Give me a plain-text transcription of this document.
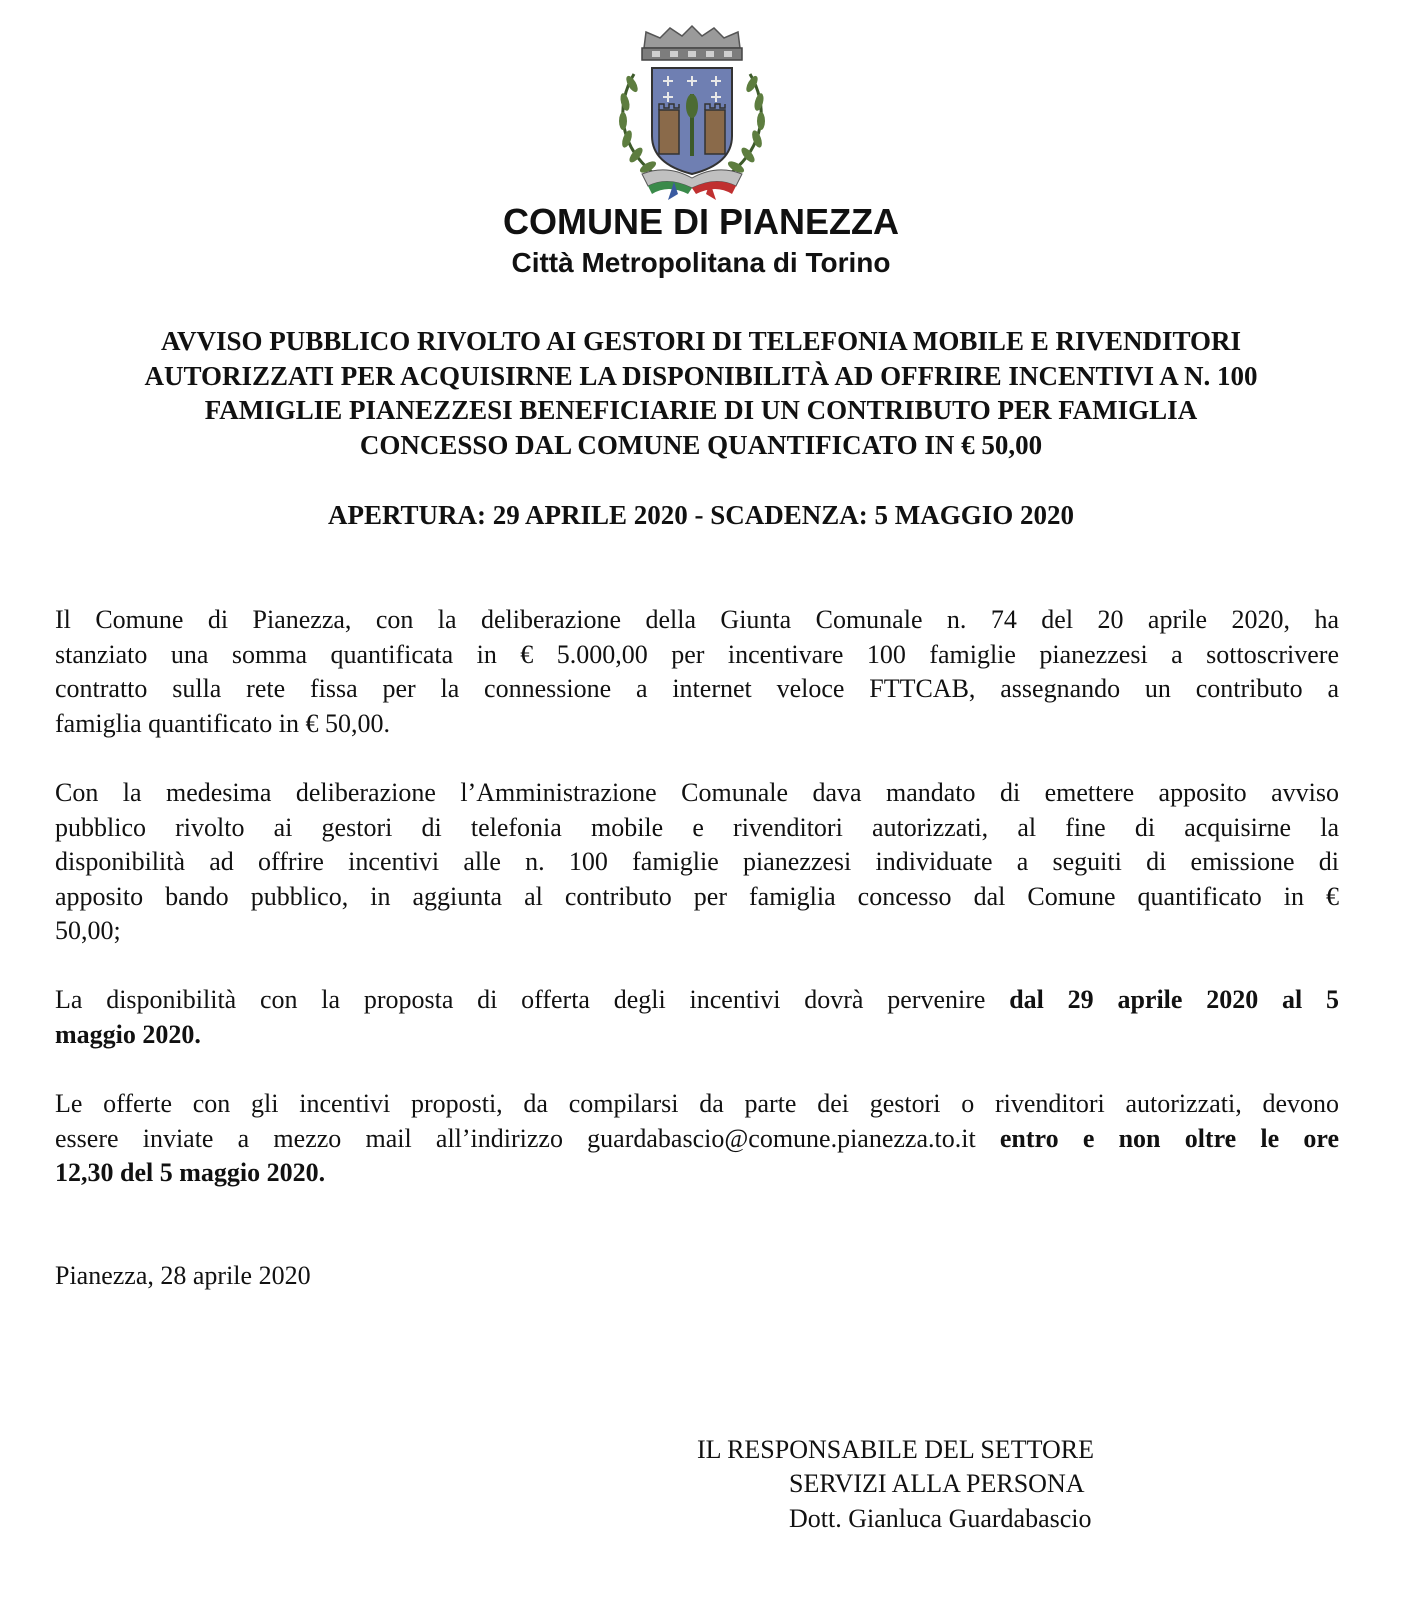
COMUNE DI PIANEZZA
Città Metropolitana di Torino
AVVISO PUBBLICO RIVOLTO AI GESTORI DI TELEFONIA MOBILE E RIVENDITORI
AUTORIZZATI PER ACQUISIRNE LA DISPONIBILITÀ AD OFFRIRE INCENTIVI A N. 100
FAMIGLIE PIANEZZESI BENEFICIARIE DI UN CONTRIBUTO PER FAMIGLIA
CONCESSO DAL COMUNE QUANTIFICATO IN € 50,00

APERTURA: 29 APRILE 2020 - SCADENZA: 5 MAGGIO 2020

Il Comune di Pianezza, con la deliberazione della Giunta Comunale n. 74 del 20 aprile 2020, ha
stanziato una somma quantificata in € 5.000,00 per incentivare 100 famiglie pianezzesi a sottoscrivere
contratto sulla rete fissa per la connessione a internet veloce FTTCAB, assegnando un contributo a
famiglia quantificato in € 50,00.
Con la medesima deliberazione l’Amministrazione Comunale dava mandato di emettere apposito avviso
pubblico rivolto ai gestori di telefonia mobile e rivenditori autorizzati, al fine di acquisirne la
disponibilità ad offrire incentivi alle n. 100 famiglie pianezzesi individuate a seguiti di emissione di
apposito bando pubblico, in aggiunta al contributo per famiglia concesso dal Comune quantificato in €
50,00;
La disponibilità con la proposta di offerta degli incentivi dovrà pervenire dal 29 aprile 2020 al 5
maggio 2020.
Le offerte con gli incentivi proposti, da compilarsi da parte dei gestori o rivenditori autorizzati, devono
essere inviate a mezzo mail all’indirizzo guardabascio@comune.pianezza.to.it entro e non oltre le ore
12,30 del 5 maggio 2020.

Pianezza, 28 aprile 2020

IL RESPONSABILE DEL SETTORE

SERVIZI ALLA PERSONA

Dott. Gianluca Guardabascio
